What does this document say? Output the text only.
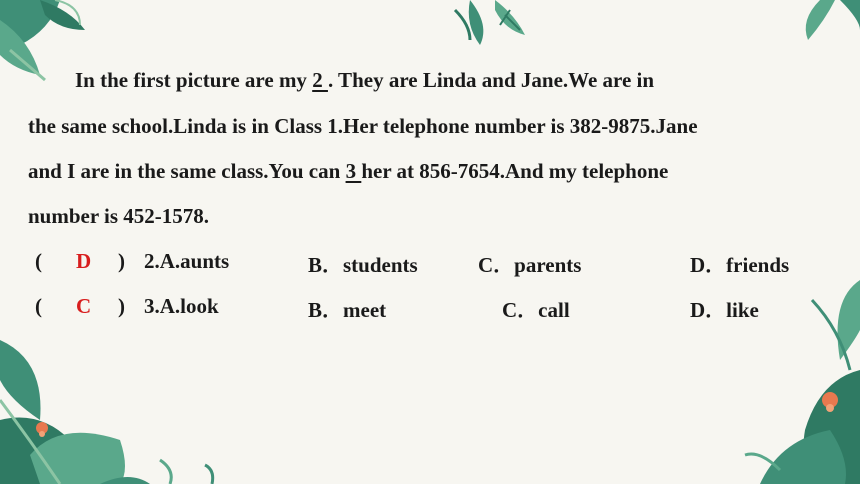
In the first picture are my 2 . They are Linda and Jane.We are in
the same school.Linda is in Class 1.Her telephone number is 382-9875.Jane
and I are in the same class.You can 3 her at 856-7654.And my telephone
number is 452-1578.
( D ) 2.A.aunts	B．students	C．parents	D．friends
( C ) 3.A.look	B．meet	C．call	D．like
